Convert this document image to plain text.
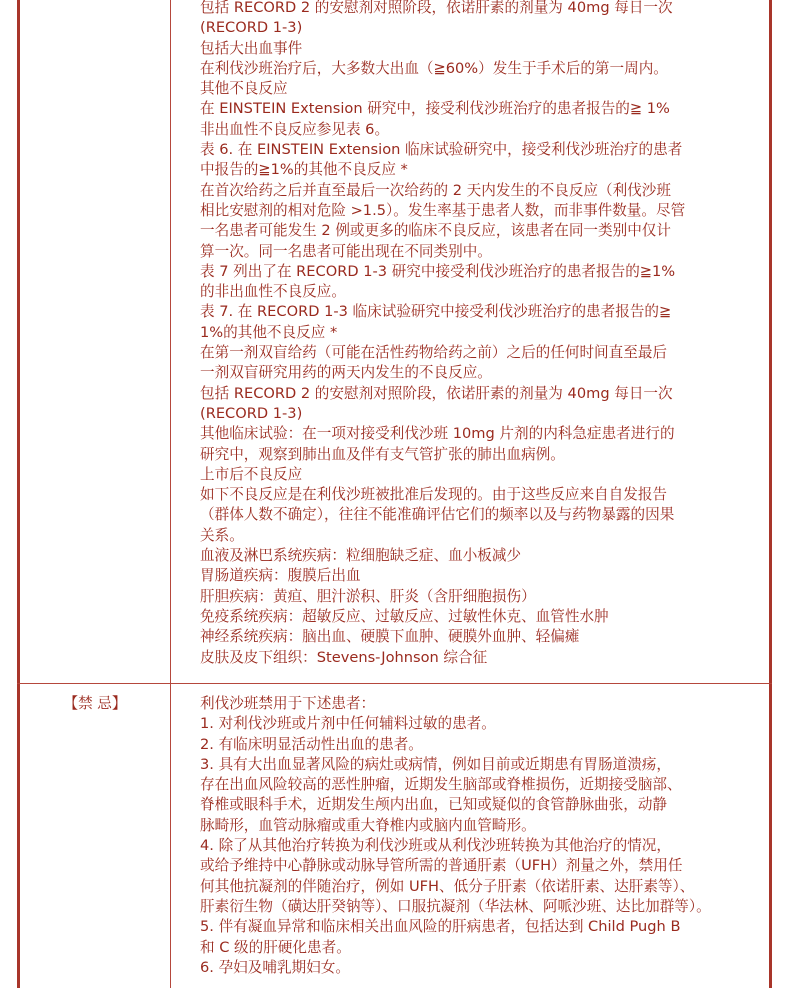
包括 RECORD 2 的安慰剂对照阶段，依诺肝素的剂量为 40mg 每日一次

(RECORD 1-3)

包括大出血事件

在利伐沙班治疗后，大多数大出血（≧60%）发生于手术后的第一周内。

其他不良反应

在 EINSTEIN Extension 研究中，接受利伐沙班治疗的患者报告的≧ 1%

非出血性不良反应参见表 6。

表 6. 在 EINSTEIN Extension 临床试验研究中，接受利伐沙班治疗的患者

中报告的≧1%的其他不良反应 *

在首次给药之后并直至最后一次给药的 2 天内发生的不良反应（利伐沙班

相比安慰剂的相对危险 >1.5）。发生率基于患者人数，而非事件数量。尽管

一名患者可能发生 2 例或更多的临床不良反应，该患者在同一类别中仅计

算一次。同一名患者可能出现在不同类别中。

表 7 列出了在 RECORD 1-3 研究中接受利伐沙班治疗的患者报告的≧1%

的非出血性不良反应。

表 7. 在 RECORD 1-3 临床试验研究中接受利伐沙班治疗的患者报告的≧

1%的其他不良反应 *

在第一剂双盲给药（可能在活性药物给药之前）之后的任何时间直至最后

一剂双盲研究用药的两天内发生的不良反应。

包括 RECORD 2 的安慰剂对照阶段，依诺肝素的剂量为 40mg 每日一次

(RECORD 1-3)

其他临床试验：在一项对接受利伐沙班 10mg 片剂的内科急症患者进行的

研究中，观察到肺出血及伴有支气管扩张的肺出血病例。

上市后不良反应

如下不良反应是在利伐沙班被批准后发现的。由于这些反应来自自发报告

（群体人数不确定），往往不能准确评估它们的频率以及与药物暴露的因果

关系。

血液及淋巴系统疾病：粒细胞缺乏症、血小板减少

胃肠道疾病：腹膜后出血

肝胆疾病：黄疸、胆汁淤积、肝炎（含肝细胞损伤）

免疫系统疾病：超敏反应、过敏反应、过敏性休克、血管性水肿

神经系统疾病：脑出血、硬膜下血肿、硬膜外血肿、轻偏瘫

皮肤及皮下组织：Stevens-Johnson 综合征

【禁 忌】	利伐沙班禁用于下述患者：

1. 对利伐沙班或片剂中任何辅料过敏的患者。

2. 有临床明显活动性出血的患者。

3. 具有大出血显著风险的病灶或病情，例如目前或近期患有胃肠道溃疡，

存在出血风险较高的恶性肿瘤，近期发生脑部或脊椎损伤，近期接受脑部、

脊椎或眼科手术，近期发生颅内出血，已知或疑似的食管静脉曲张，动静

脉畸形，血管动脉瘤或重大脊椎内或脑内血管畸形。

4. 除了从其他治疗转换为利伐沙班或从利伐沙班转换为其他治疗的情况，

或给予维持中心静脉或动脉导管所需的普通肝素（UFH）剂量之外，禁用任

何其他抗凝剂的伴随治疗，例如 UFH、低分子肝素（依诺肝素、达肝素等）、

肝素衍生物（磺达肝癸钠等）、口服抗凝剂（华法林、阿哌沙班、达比加群等）。

5. 伴有凝血异常和临床相关出血风险的肝病患者，包括达到 Child Pugh B

和 C 级的肝硬化患者。

6. 孕妇及哺乳期妇女。
